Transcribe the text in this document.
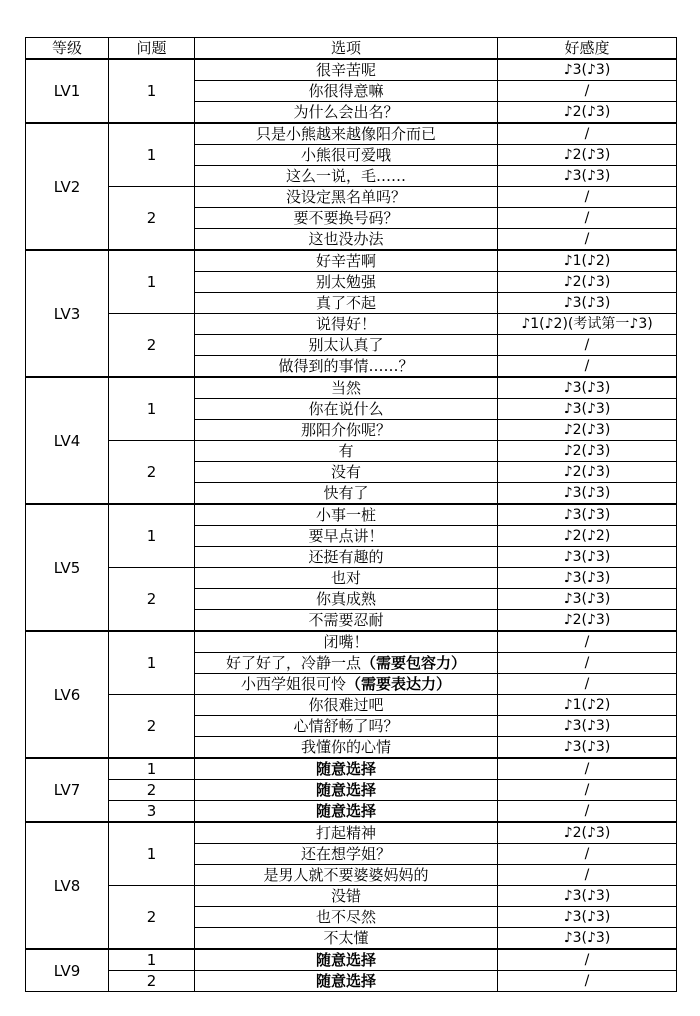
等级	问题	选项	好感度
LV1	1	很辛苦呢	♪3(♪3)
		你很得意嘛	/
		为什么会出名？	♪2(♪3)
LV2	1	只是小熊越来越像阳介而已	/
		小熊很可爱哦	♪2(♪3)
		这么一说，毛……	♪3(♪3)
	2	没设定黑名单吗？	/
		要不要换号码？	/
		这也没办法	/
LV3	1	好辛苦啊	♪1(♪2)
		别太勉强	♪2(♪3)
		真了不起	♪3(♪3)
	2	说得好！	♪1(♪2)(考试第一♪3)
		别太认真了	/
		做得到的事情……？	/
LV4	1	当然	♪3(♪3)
		你在说什么	♪3(♪3)
		那阳介你呢？	♪2(♪3)
	2	有	♪2(♪3)
		没有	♪2(♪3)
		快有了	♪3(♪3)
LV5	1	小事一桩	♪3(♪3)
		要早点讲！	♪2(♪2)
		还挺有趣的	♪3(♪3)
	2	也对	♪3(♪3)
		你真成熟	♪3(♪3)
		不需要忍耐	♪2(♪3)
LV6	1	闭嘴！	/
		好了好了，冷静一点（需要包容力）	/
		小西学姐很可怜（需要表达力）	/
	2	你很难过吧	♪1(♪2)
		心情舒畅了吗？	♪3(♪3)
		我懂你的心情	♪3(♪3)
LV7	1	随意选择	/
	2	随意选择	/
	3	随意选择	/
LV8	1	打起精神	♪2(♪3)
		还在想学姐？	/
		是男人就不要婆婆妈妈的	/
	2	没错	♪3(♪3)
		也不尽然	♪3(♪3)
		不太懂	♪3(♪3)
LV9	1	随意选择	/
	2	随意选择	/
